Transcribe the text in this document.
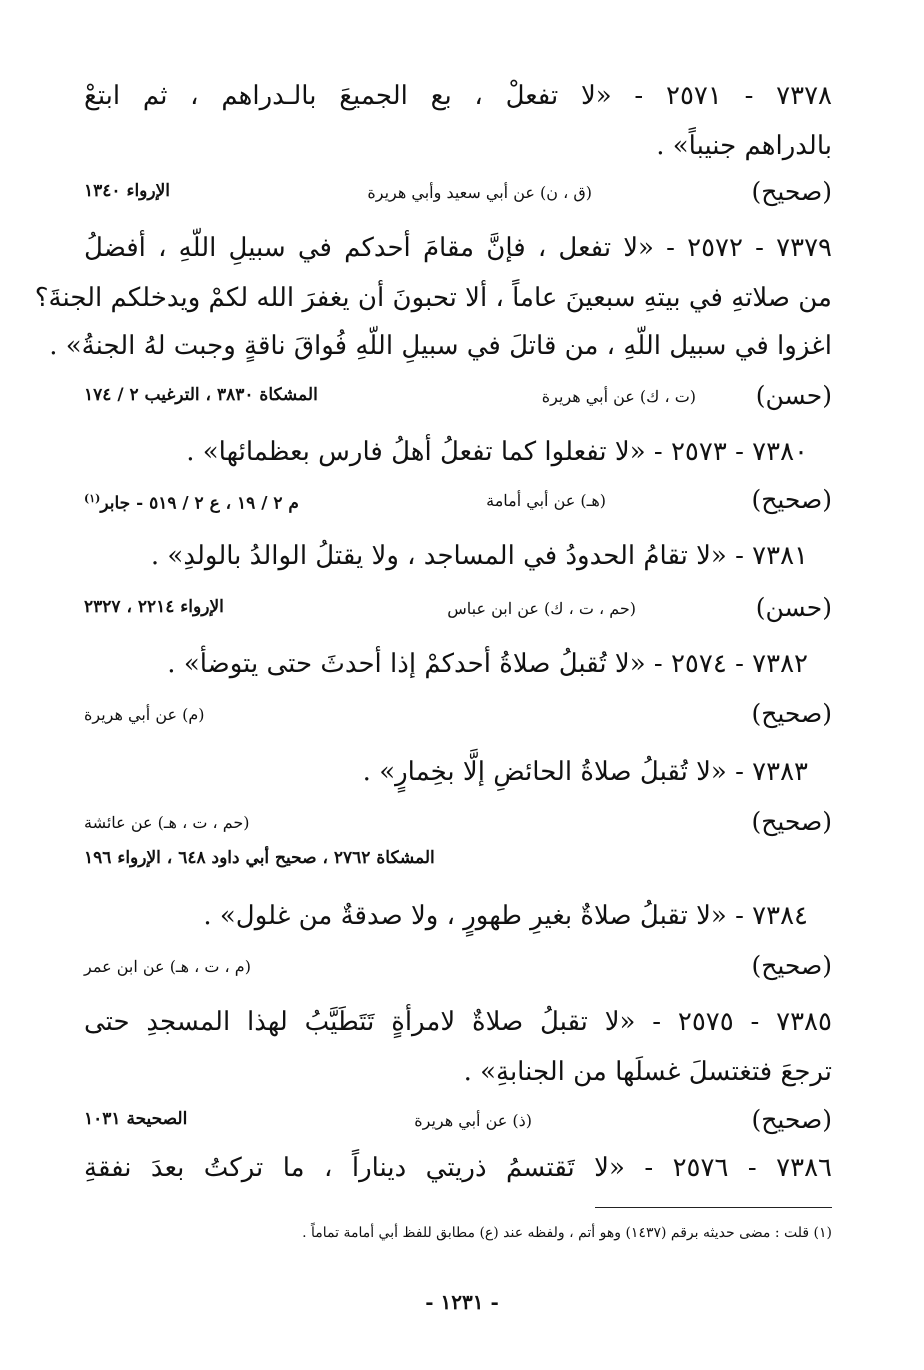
٧٣٧٨ - ٢٥٧١ - «لا تفعلْ ، بع الجميعَ بالـدراهم ، ثم ابتعْ
بالدراهم جنيباً» .
(صحيح)
(ق ، ن) عن أبي سعيد وأبي هريرة
الإرواء ١٣٤٠
٧٣٧٩ - ٢٥٧٢ - «لا تفعل ، فإنَّ مقامَ أحدكم في سبيلِ اللّهِ ، أفضلُ
من صلاتهِ في بيتهِ سبعينَ عاماً ، ألا تحبونَ أن يغفرَ الله لكمْ ويدخلكم الجنةَ؟
اغزوا في سبيل اللّهِ ، من قاتلَ في سبيلِ اللّهِ فُواقَ ناقةٍ وجبت لهُ الجنةُ» .
(حسن)
(ت ، ك) عن أبي هريرة
المشكاة ٣٨٣٠ ، الترغيب ٢ / ١٧٤
٧٣٨٠ - ٢٥٧٣ - «لا تفعلوا كما تفعلُ أهلُ فارس بعظمائها» .
(صحيح)
(هـ) عن أبي أمامة
م ٢ / ١٩ ، ع ٢ / ٥١٩ - جابر$^{(١)}$
٧٣٨١ - «لا تقامُ الحدودُ في المساجد ، ولا يقتلُ الوالدُ بالولدِ» .
(حسن)
(حم ، ت ، ك) عن ابن عباس
الإرواء ٢٢١٤ ، ٢٣٢٧
٧٣٨٢ - ٢٥٧٤ - «لا تُقبلُ صلاةُ أحدكمْ إذا أحدثَ حتى يتوضأ» .
(صحيح)
(م) عن أبي هريرة
٧٣٨٣ - «لا تُقبلُ صلاةُ الحائضِ إلَّا بخِمارٍ» .
(صحيح)
(حم ، ت ، هـ) عن عائشة
المشكاة ٢٧٦٢ ، صحيح أبي داود ٦٤٨ ، الإرواء ١٩٦
٧٣٨٤ - «لا تقبلُ صلاةٌ بغيرِ طهورٍ ، ولا صدقةٌ من غلول» .
(صحيح)
(م ، ت ، هـ) عن ابن عمر
٧٣٨٥ - ٢٥٧٥ - «لا تقبلُ صلاةٌ لامرأةٍ تَتَطَيَّبُ لهذا المسجدِ حتى
ترجعَ فتغتسلَ غسلَها من الجنابةِ» .
(صحيح)
(ذ) عن أبي هريرة
الصحيحة ١٠٣١
٧٣٨٦ - ٢٥٧٦ - «لا تَقتسمُ ذريتي ديناراً ، ما تركتُ بعدَ نفقةِ
(١) قلت : مضى حديثه برقم (١٤٣٧) وهو أتم ، ولفظه عند (ع) مطابق للفظ أبي أمامة تماماً .
- ١٢٣١ -
